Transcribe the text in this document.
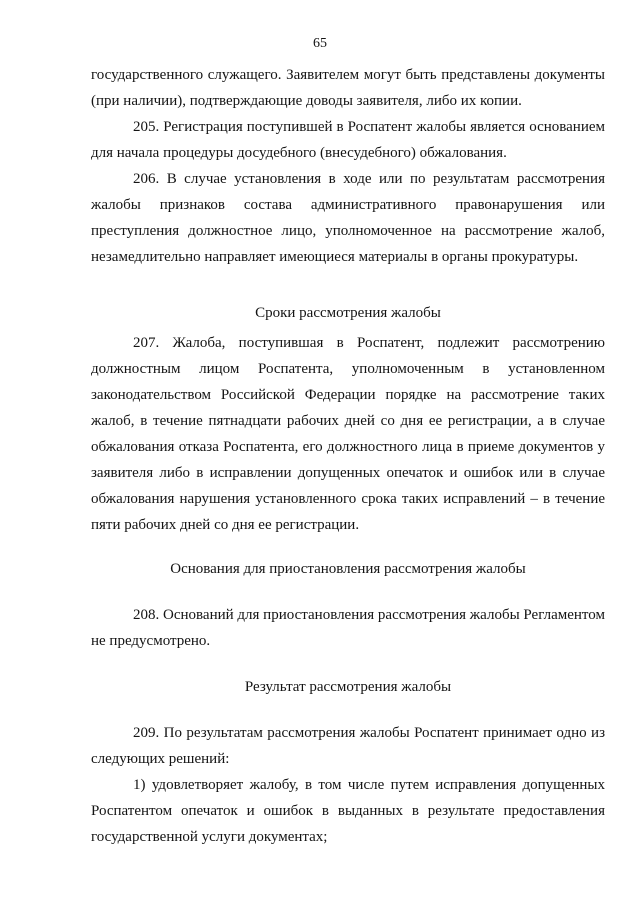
65

государственного служащего. Заявителем могут быть представлены документы (при наличии), подтверждающие доводы заявителя, либо их копии.

205. Регистрация поступившей в Роспатент жалобы является основанием для начала процедуры досудебного (внесудебного) обжалования.

206. В случае установления в ходе или по результатам рассмотрения жалобы признаков состава административного правонарушения или преступления должностное лицо, уполномоченное на рассмотрение жалоб, незамедлительно направляет имеющиеся материалы в органы прокуратуры.

Сроки рассмотрения жалобы

207. Жалоба, поступившая в Роспатент, подлежит рассмотрению должностным лицом Роспатента, уполномоченным в установленном законодательством Российской Федерации порядке на рассмотрение таких жалоб, в течение пятнадцати рабочих дней со дня ее регистрации, а в случае обжалования отказа Роспатента, его должностного лица в приеме документов у заявителя либо в исправлении допущенных опечаток и ошибок или в случае обжалования нарушения установленного срока таких исправлений – в течение пяти рабочих дней со дня ее регистрации.

Основания для приостановления рассмотрения жалобы

208. Оснований для приостановления рассмотрения жалобы Регламентом не предусмотрено.

Результат рассмотрения жалобы

209. По результатам рассмотрения жалобы Роспатент принимает одно из следующих решений:

1) удовлетворяет жалобу, в том числе путем исправления допущенных Роспатентом опечаток и ошибок в выданных в результате предоставления государственной услуги документах;
